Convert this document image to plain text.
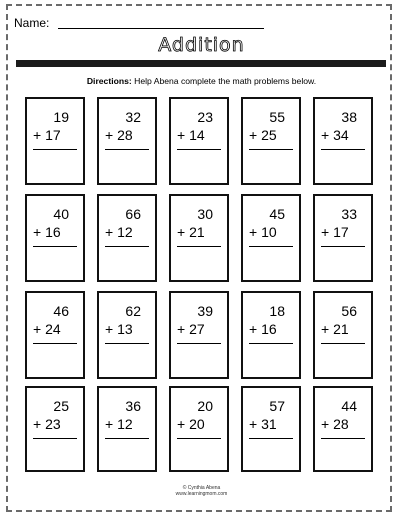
Name:
Addition
Directions: Help Abena complete the math problems below.
19
+ 17
32
+ 28
23
+ 14
55
+ 25
38
+ 34
40
+ 16
66
+ 12
30
+ 21
45
+ 10
33
+ 17
46
+ 24
62
+ 13
39
+ 27
18
+ 16
56
+ 21
25
+ 23
36
+ 12
20
+ 20
57
+ 31
44
+ 28
© Cynthia Abena
www.learningmom.com
